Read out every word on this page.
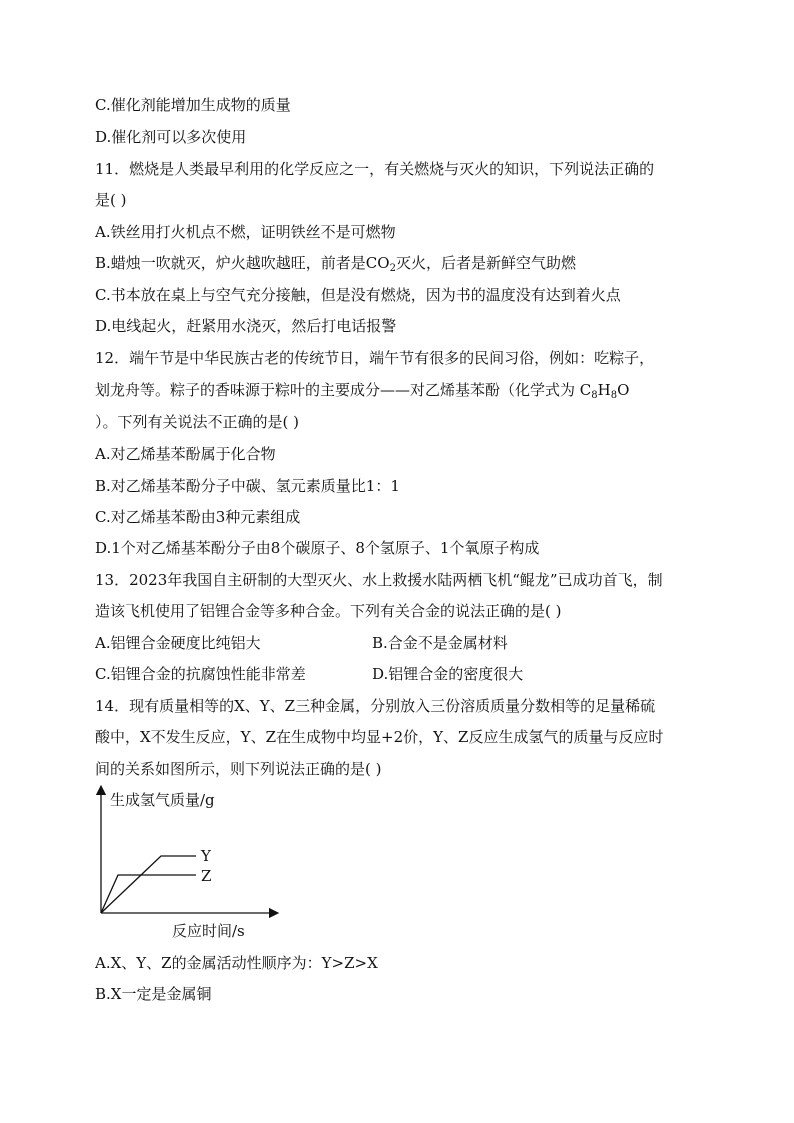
C.催化剂能增加生成物的质量
D.催化剂可以多次使用
11．燃烧是人类最早利用的化学反应之一，有关燃烧与灭火的知识，下列说法正确的
是( )
A.铁丝用打火机点不燃，证明铁丝不是可燃物
B.蜡烛一吹就灭，炉火越吹越旺，前者是$CO_2$灭火，后者是新鲜空气助燃
C.书本放在桌上与空气充分接触，但是没有燃烧，因为书的温度没有达到着火点
D.电线起火，赶紧用水浇灭，然后打电话报警
12．端午节是中华民族古老的传统节日，端午节有很多的民间习俗，例如：吃粽子，
划龙舟等。粽子的香味源于粽叶的主要成分——对乙烯基苯酚（化学式为 $C_8H_8O$
）。下列有关说法不正确的是( )
A.对乙烯基苯酚属于化合物
B.对乙烯基苯酚分子中碳、氢元素质量比1：1
C.对乙烯基苯酚由3种元素组成
D.1个对乙烯基苯酚分子由8个碳原子、8个氢原子、1个氧原子构成
13．2023年我国自主研制的大型灭火、水上救援水陆两栖飞机“鲲龙”已成功首飞，制
造该飞机使用了铝锂合金等多种合金。下列有关合金的说法正确的是( )
A.铝锂合金硬度比纯铝大	B.合金不是金属材料
C.铝锂合金的抗腐蚀性能非常差	D.铝锂合金的密度很大
14．现有质量相等的X、Y、Z三种金属，分别放入三份溶质质量分数相等的足量稀硫
酸中，X不发生反应，Y、Z在生成物中均显+2价，Y、Z反应生成氢气的质量与反应时
间的关系如图所示，则下列说法正确的是( )
生成氢气质量/g
反应时间/s
Y
Z
A.X、Y、Z的金属活动性顺序为：Y>Z>X
B.X一定是金属铜
